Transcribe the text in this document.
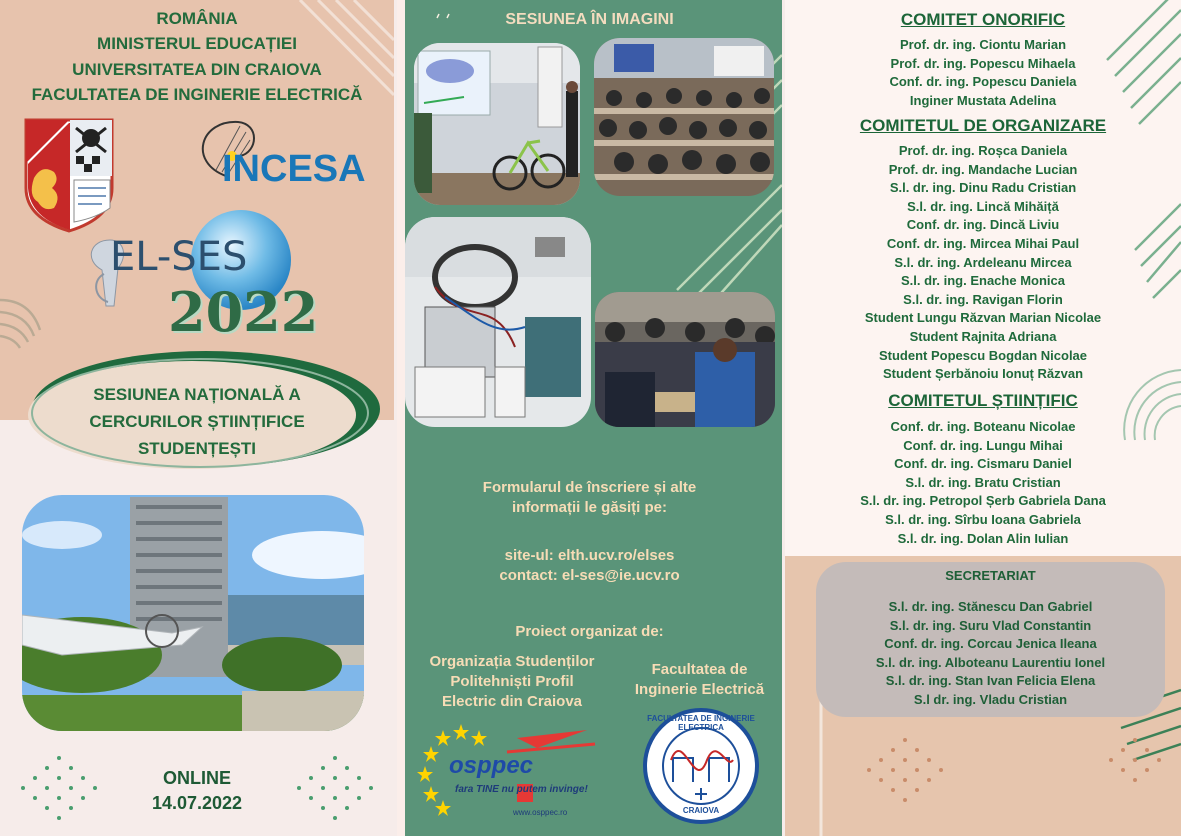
ROMÂNIA
MINISTERUL EDUCAȚIEI
UNIVERSITATEA DIN CRAIOVA
FACULTATEA DE INGINERIE ELECTRICĂ
INCESA
EL-SES
2022
SESIUNEA NAȚIONALĂ A
CERCURILOR ȘTIINȚIFICE
STUDENȚEȘTI
ONLINE
14.07.2022
SESIUNEA ÎN IMAGINI
Formularul de înscriere și alte
informații le găsiți pe:
site-ul: elth.ucv.ro/elses
contact: el-ses@ie.ucv.ro
Proiect organizat de:
Organizația Studenților
Politehniști Profil
Electric din Craiova
Facultatea de
Inginerie Electrică
osppec
fara TINE nu putem invinge!
www.osppec.ro
FACULTATEA DE INGINERIE ELECTRICA
CRAIOVA
COMITET ONORIFIC
Prof. dr. ing. Ciontu Marian
Prof. dr. ing. Popescu Mihaela
Conf. dr. ing. Popescu Daniela
Inginer Mustata Adelina
COMITETUL DE ORGANIZARE
Prof. dr. ing. Roșca Daniela
Prof. dr. ing. Mandache Lucian
S.l. dr. ing. Dinu Radu Cristian
S.l. dr. ing. Lincă Mihăiță
Conf. dr. ing. Dincă Liviu
Conf. dr. ing. Mircea Mihai Paul
S.l. dr. ing. Ardeleanu Mircea
S.l. dr. ing. Enache Monica
S.l. dr. ing. Ravigan Florin
Student Lungu Răzvan Marian Nicolae
Student Rajnita Adriana
Student Popescu Bogdan Nicolae
Student Șerbănoiu Ionuț Răzvan
COMITETUL ȘTIINȚIFIC
Conf. dr. ing. Boteanu Nicolae
Conf. dr. ing. Lungu Mihai
Conf. dr. ing. Cismaru Daniel
S.l. dr. ing. Bratu Cristian
S.l. dr. ing. Petropol Șerb Gabriela Dana
S.l. dr. ing. Sîrbu Ioana Gabriela
S.l. dr. ing. Dolan Alin Iulian
SECRETARIAT
S.l. dr. ing. Stănescu Dan Gabriel
S.l. dr. ing. Suru Vlad Constantin
Conf. dr. ing. Corcau Jenica Ileana
S.l. dr. ing. Alboteanu Laurentiu Ionel
S.l. dr. ing. Stan Ivan Felicia Elena
S.l dr. ing. Vladu Cristian
